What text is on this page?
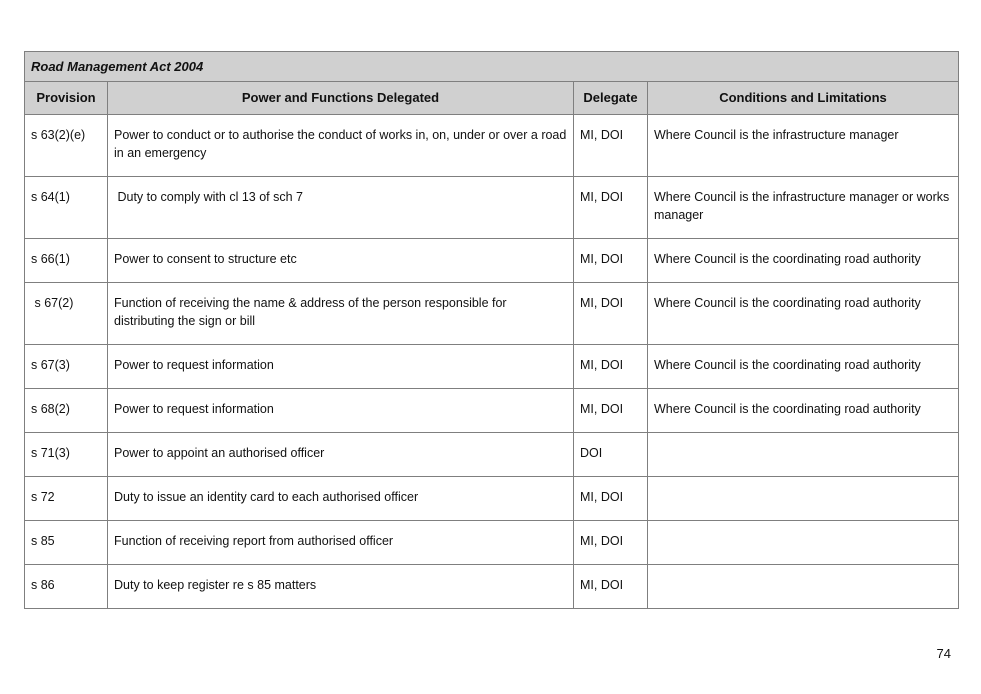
Road Management Act 2004			
Provision	Power and Functions Delegated	Delegate	Conditions and Limitations
s 63(2)(e)	Power to conduct or to authorise the conduct of works in, on, under or over a road in an emergency	MI, DOI	Where Council is the infrastructure manager
s 64(1)	Duty to comply with cl 13 of sch 7	MI, DOI	Where Council is the infrastructure manager or works manager
s 66(1)	Power to consent to structure etc	MI, DOI	Where Council is the coordinating road authority
s 67(2)	Function of receiving the name & address of the person responsible for distributing the sign or bill	MI, DOI	Where Council is the coordinating road authority
s 67(3)	Power to request information	MI, DOI	Where Council is the coordinating road authority
s 68(2)	Power to request information	MI, DOI	Where Council is the coordinating road authority
s 71(3)	Power to appoint an authorised officer	DOI	
s 72	Duty to issue an identity card to each authorised officer	MI, DOI	
s 85	Function of receiving report from authorised officer	MI, DOI	
s 86	Duty to keep register re s 85 matters	MI, DOI	
74
